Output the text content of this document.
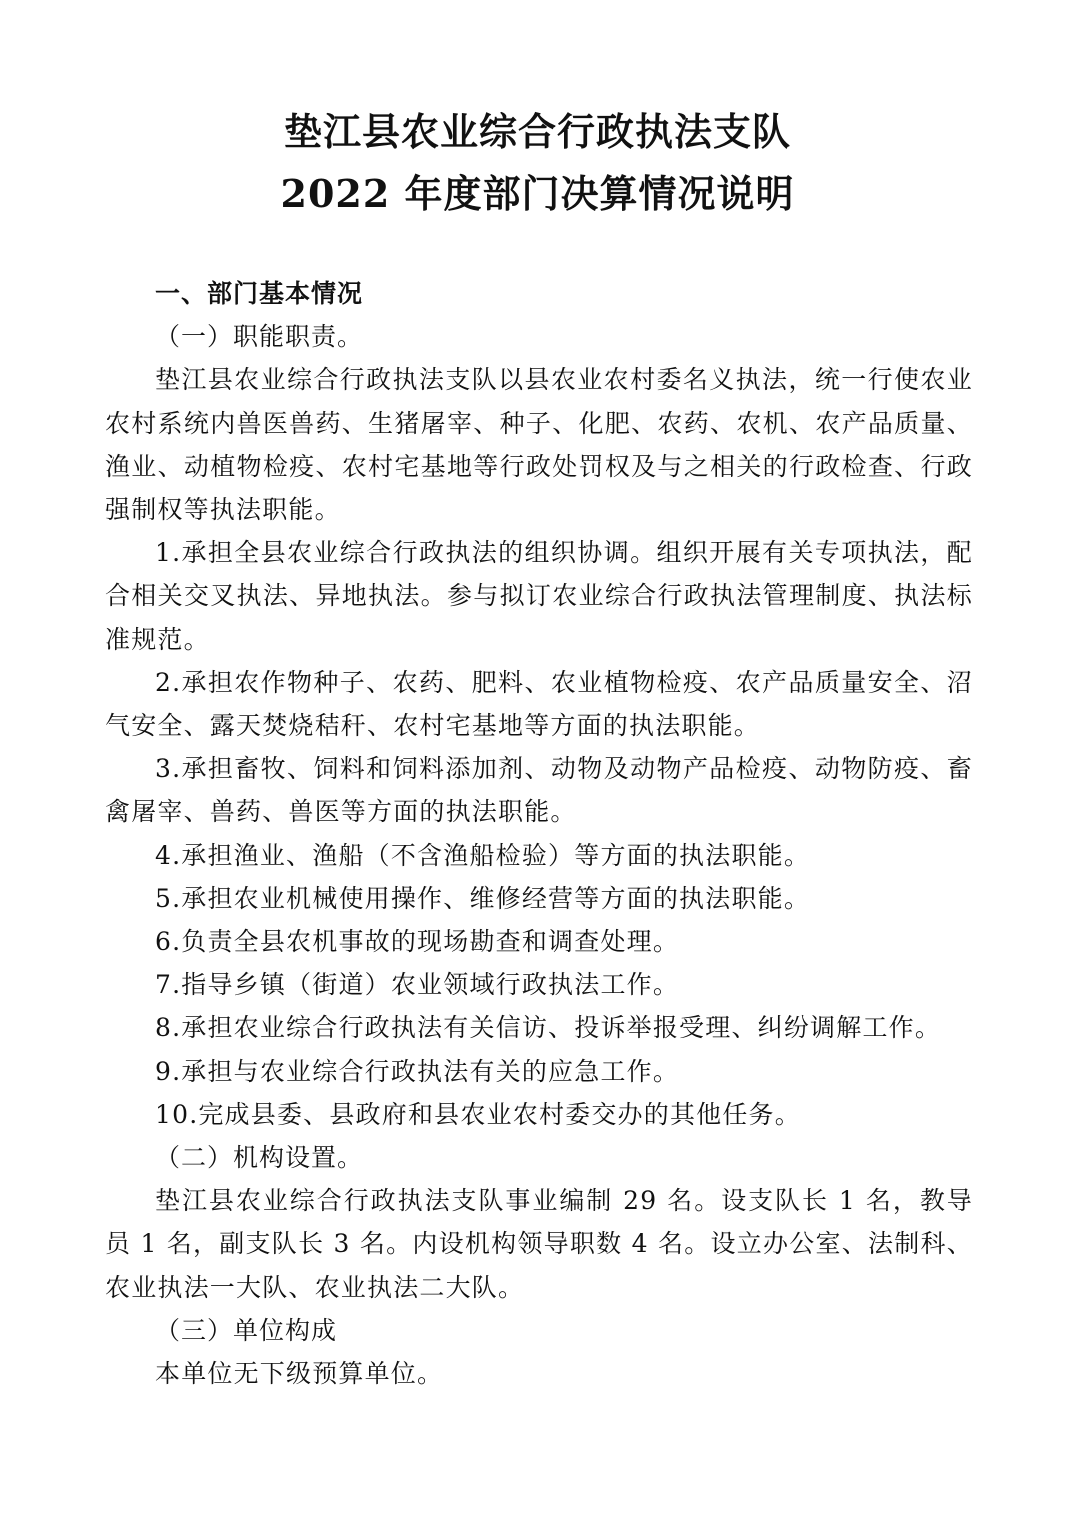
垫江县农业综合行政执法支队
2022 年度部门决算情况说明

一、部门基本情况

（一）职能职责。

垫江县农业综合行政执法支队以县农业农村委名义执法，统一行使农业农村系统内兽医兽药、生猪屠宰、种子、化肥、农药、农机、农产品质量、渔业、动植物检疫、农村宅基地等行政处罚权及与之相关的行政检查、行政强制权等执法职能。

1.承担全县农业综合行政执法的组织协调。组织开展有关专项执法，配合相关交叉执法、异地执法。参与拟订农业综合行政执法管理制度、执法标准规范。

2.承担农作物种子、农药、肥料、农业植物检疫、农产品质量安全、沼气安全、露天焚烧秸秆、农村宅基地等方面的执法职能。

3.承担畜牧、饲料和饲料添加剂、动物及动物产品检疫、动物防疫、畜禽屠宰、兽药、兽医等方面的执法职能。

4.承担渔业、渔船（不含渔船检验）等方面的执法职能。

5.承担农业机械使用操作、维修经营等方面的执法职能。

6.负责全县农机事故的现场勘查和调查处理。

7.指导乡镇（街道）农业领域行政执法工作。

8.承担农业综合行政执法有关信访、投诉举报受理、纠纷调解工作。

9.承担与农业综合行政执法有关的应急工作。

10.完成县委、县政府和县农业农村委交办的其他任务。

（二）机构设置。

垫江县农业综合行政执法支队事业编制 29 名。设支队长 1 名，教导员 1 名，副支队长 3 名。内设机构领导职数 4 名。设立办公室、法制科、农业执法一大队、农业执法二大队。

（三）单位构成

本单位无下级预算单位。
